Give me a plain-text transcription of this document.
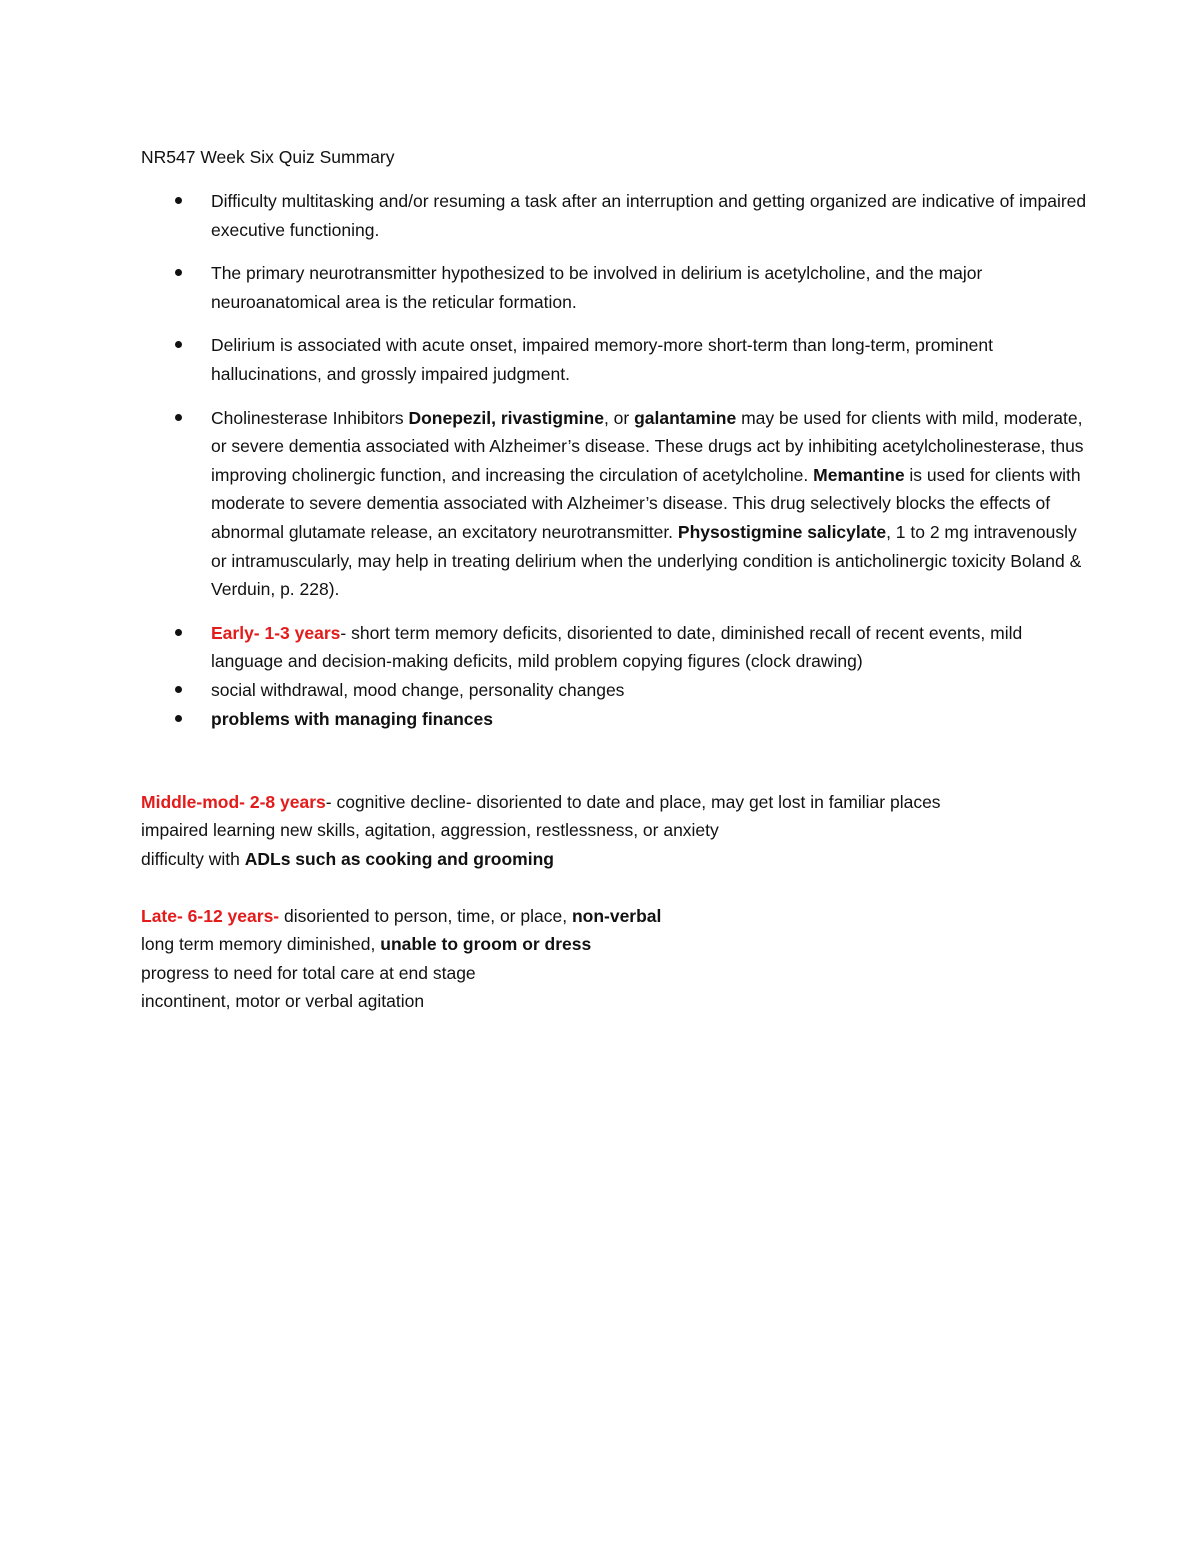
NR547 Week Six Quiz Summary
Difficulty multitasking and/or resuming a task after an interruption and getting organized are indicative of impaired executive functioning.
The primary neurotransmitter hypothesized to be involved in delirium is acetylcholine, and the major neuroanatomical area is the reticular formation.
Delirium is associated with acute onset, impaired memory-more short-term than long-term, prominent hallucinations, and grossly impaired judgment.
Cholinesterase Inhibitors Donepezil, rivastigmine, or galantamine may be used for clients with mild, moderate, or severe dementia associated with Alzheimer’s disease. These drugs act by inhibiting acetylcholinesterase, thus improving cholinergic function, and increasing the circulation of acetylcholine. Memantine is used for clients with moderate to severe dementia associated with Alzheimer’s disease. This drug selectively blocks the effects of abnormal glutamate release, an excitatory neurotransmitter. Physostigmine salicylate, 1 to 2 mg intravenously or intramuscularly, may help in treating delirium when the underlying condition is anticholinergic toxicity Boland & Verduin, p. 228).
Early- 1-3 years- short term memory deficits, disoriented to date, diminished recall of recent events, mild language and decision-making deficits, mild problem copying figures (clock drawing)
social withdrawal, mood change, personality changes
problems with managing finances
Middle-mod- 2-8 years- cognitive decline- disoriented to date and place, may get lost in familiar places
impaired learning new skills, agitation, aggression, restlessness, or anxiety
difficulty with ADLs such as cooking and grooming
Late- 6-12 years- disoriented to person, time, or place, non-verbal
long term memory diminished, unable to groom or dress
progress to need for total care at end stage
incontinent, motor or verbal agitation
